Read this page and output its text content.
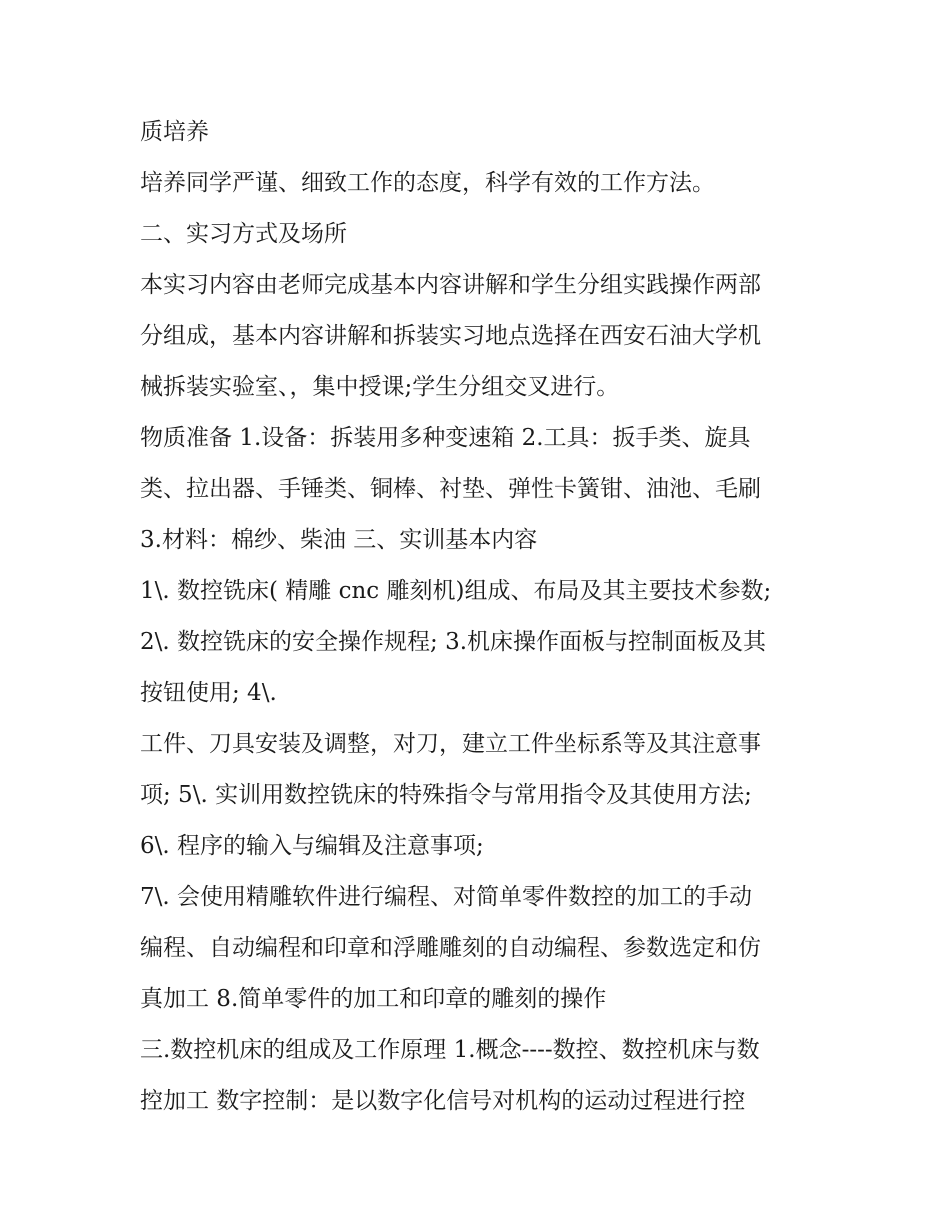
质培养
培养同学严谨、细致工作的态度，科学有效的工作方法。
二、实习方式及场所
本实习内容由老师完成基本内容讲解和学生分组实践操作两部
分组成，基本内容讲解和拆装实习地点选择在西安石油大学机
械拆装实验室、，集中授课;学生分组交叉进行。
物质准备 1.设备：拆装用多种变速箱 2.工具：扳手类、旋具
类、拉出器、手锤类、铜棒、衬垫、弹性卡簧钳、油池、毛刷
3.材料：棉纱、柴油 三、实训基本内容
1\. 数控铣床( 精雕 cnc 雕刻机)组成、布局及其主要技术参数;
2\. 数控铣床的安全操作规程; 3.机床操作面板与控制面板及其
按钮使用; 4\.
工件、刀具安装及调整，对刀，建立工件坐标系等及其注意事
项; 5\. 实训用数控铣床的特殊指令与常用指令及其使用方法;
6\. 程序的输入与编辑及注意事项;
7\. 会使用精雕软件进行编程、对简单零件数控的加工的手动
编程、自动编程和印章和浮雕雕刻的自动编程、参数选定和仿
真加工 8.简单零件的加工和印章的雕刻的操作
三.数控机床的组成及工作原理 1.概念----数控、数控机床与数
控加工 数字控制：是以数字化信号对机构的运动过程进行控
